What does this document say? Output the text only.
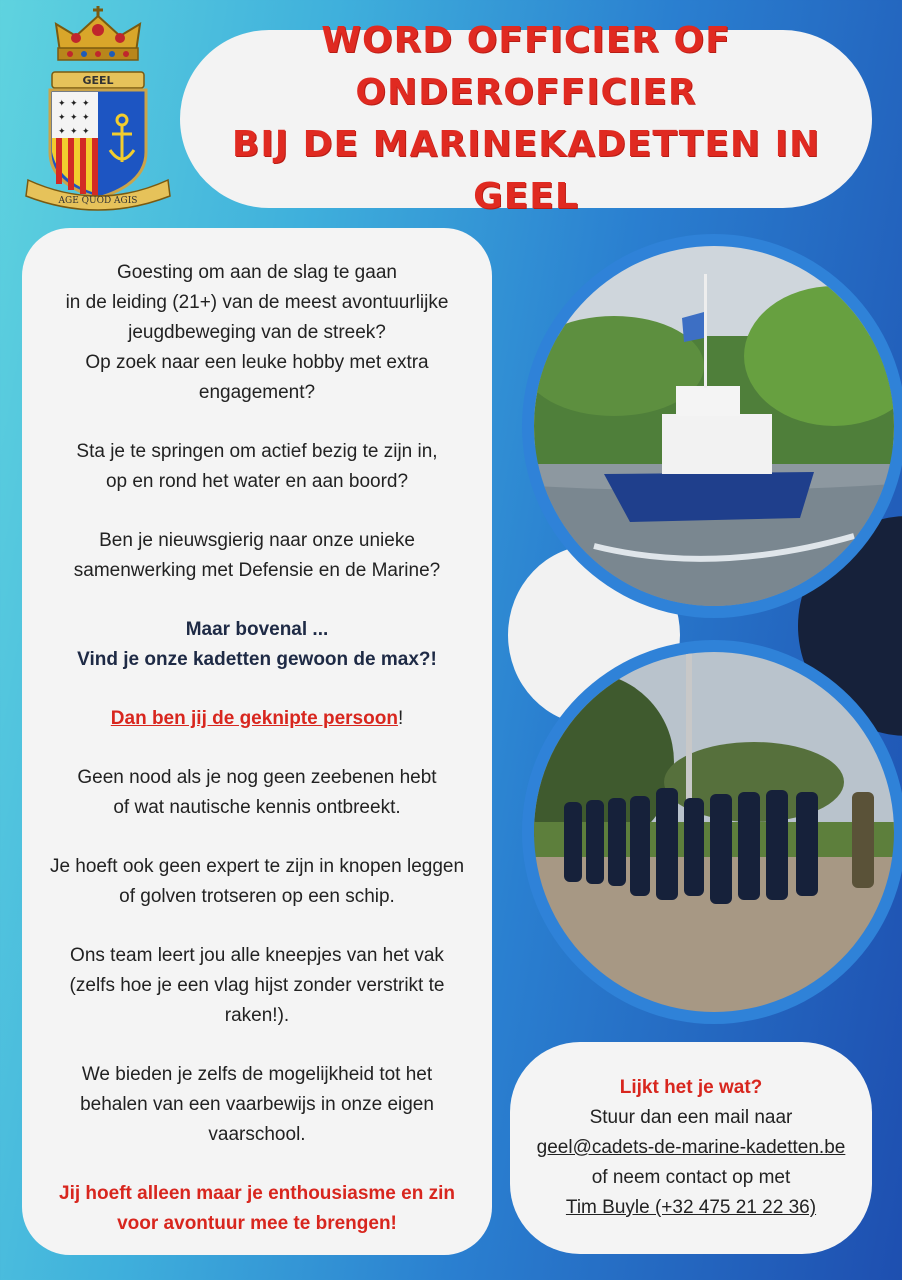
GEEL
✦ ✦ ✦
✦ ✦ ✦
✦ ✦ ✦
AGE QUOD AGIS
WORD OFFICIER OF ONDEROFFICIER
BIJ DE MARINEKADETTEN IN GEEL

Goesting om aan de slag te gaan
in de leiding (21+) van de meest avontuurlijke
jeugdbeweging van de streek?
Op zoek naar een leuke hobby met extra
engagement?

Sta je te springen om actief bezig te zijn in,
op en rond het water en aan boord?

Ben je nieuwsgierig naar onze unieke
samenwerking met Defensie en de Marine?

Maar bovenal ...
Vind je onze kadetten gewoon de max?!

Dan ben jij de geknipte persoon!

Geen nood als je nog geen zeebenen hebt
of wat nautische kennis ontbreekt.

Je hoeft ook geen expert te zijn in knopen leggen
of golven trotseren op een schip.

Ons team leert jou alle kneepjes van het vak
(zelfs hoe je een vlag hijst zonder verstrikt te
raken!).

We bieden je zelfs de mogelijkheid tot het
behalen van een vaarbewijs in onze eigen
vaarschool.

Jij hoeft alleen maar je enthousiasme en zin
voor avontuur mee te brengen!

Lijkt het je wat?
Stuur dan een mail naar
geel@cadets-de-marine-kadetten.be
of neem contact op met
Tim Buyle (+32 475 21 22 36)
